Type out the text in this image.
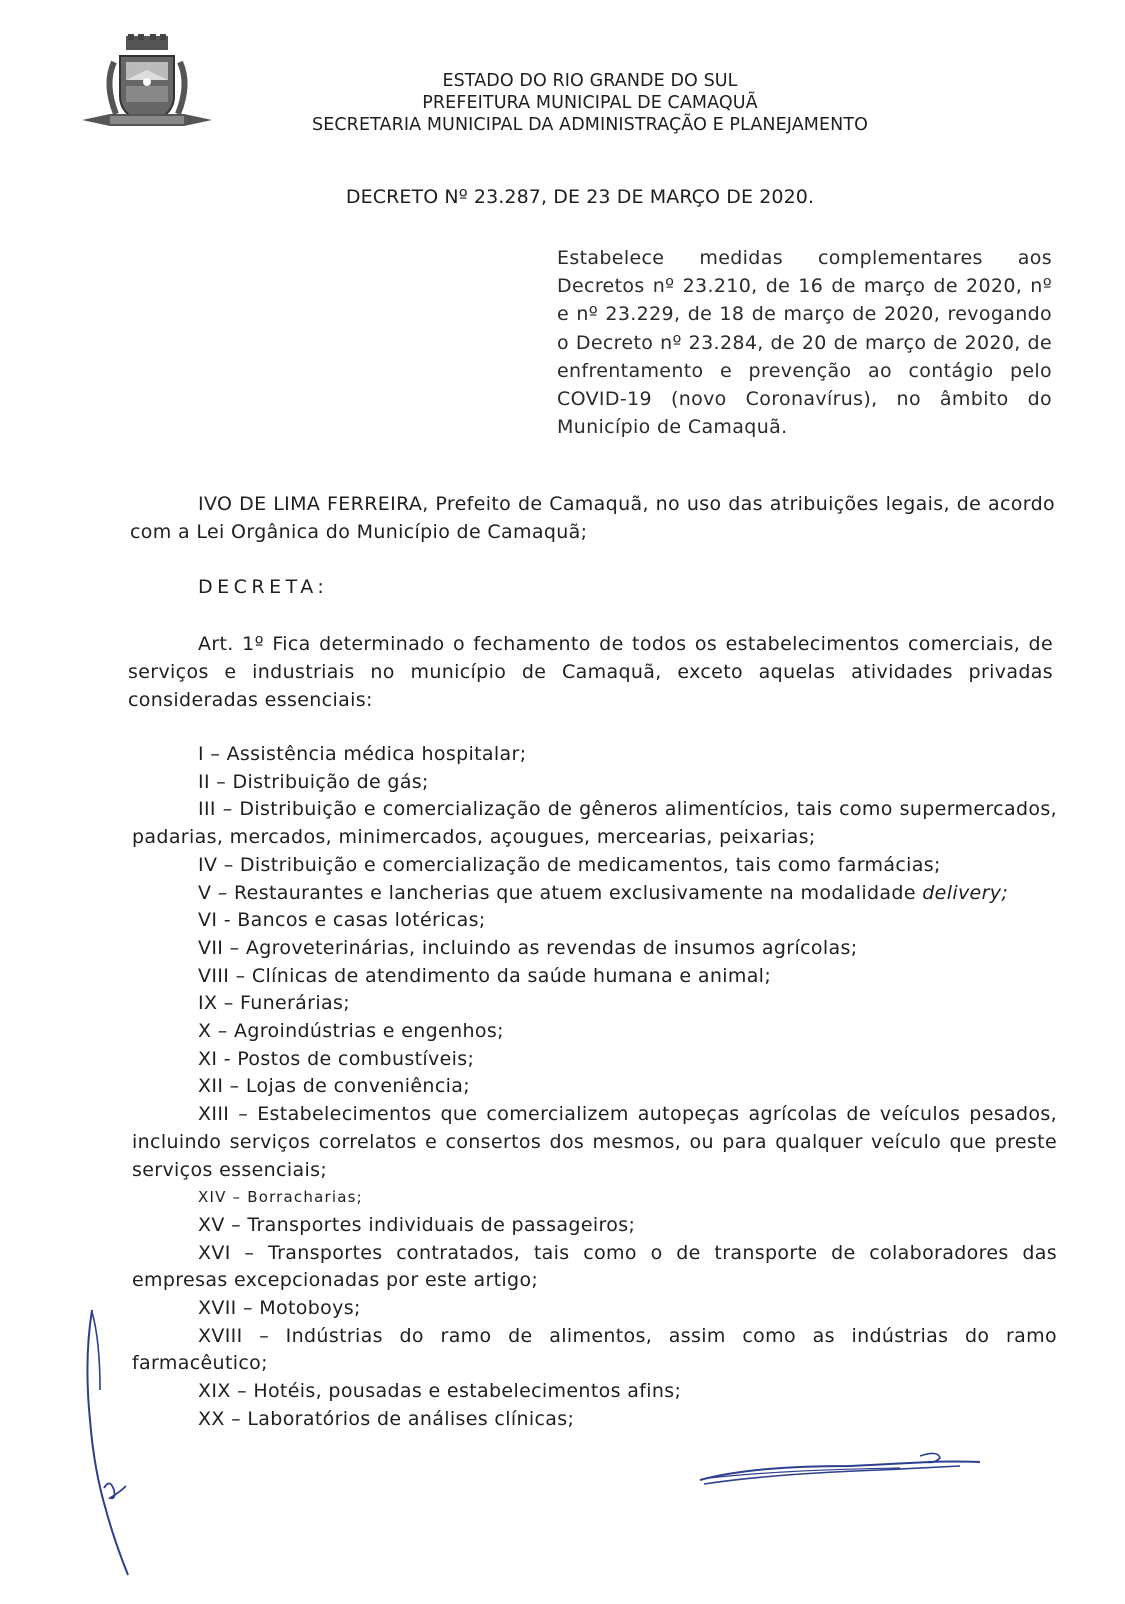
ESTADO DO RIO GRANDE DO SUL
PREFEITURA MUNICIPAL DE CAMAQUÃ
SECRETARIA MUNICIPAL DA ADMINISTRAÇÃO E PLANEJAMENTO
DECRETO Nº 23.287, DE 23 DE MARÇO DE 2020.
Estabelece medidas complementares aos Decretos nº 23.210, de 16 de março de 2020, nº e nº 23.229, de 18 de março de 2020, revogando o Decreto nº 23.284, de 20 de março de 2020, de enfrentamento e prevenção ao contágio pelo COVID-19 (novo Coronavírus), no âmbito do Município de Camaquã.
IVO DE LIMA FERREIRA, Prefeito de Camaquã, no uso das atribuições legais, de acordo com a Lei Orgânica do Município de Camaquã;
DECRETA:
Art. 1º Fica determinado o fechamento de todos os estabelecimentos comerciais, de serviços e industriais no município de Camaquã, exceto aquelas atividades privadas consideradas essenciais:
I – Assistência médica hospitalar;
II – Distribuição de gás;
III – Distribuição e comercialização de gêneros alimentícios, tais como supermercados, padarias, mercados, minimercados, açougues, mercearias, peixarias;
IV – Distribuição e comercialização de medicamentos, tais como farmácias;
V – Restaurantes e lancherias que atuem exclusivamente na modalidade delivery;
VI - Bancos e casas lotéricas;
VII – Agroveterinárias, incluindo as revendas de insumos agrícolas;
VIII – Clínicas de atendimento da saúde humana e animal;
IX – Funerárias;
X – Agroindústrias e engenhos;
XI - Postos de combustíveis;
XII – Lojas de conveniência;
XIII – Estabelecimentos que comercializem autopeças agrícolas de veículos pesados, incluindo serviços correlatos e consertos dos mesmos, ou para qualquer veículo que preste serviços essenciais;
XIV – Borracharias;
XV – Transportes individuais de passageiros;
XVI – Transportes contratados, tais como o de transporte de colaboradores das empresas excepcionadas por este artigo;
XVII – Motoboys;
XVIII – Indústrias do ramo de alimentos, assim como as indústrias do ramo farmacêutico;
XIX – Hotéis, pousadas e estabelecimentos afins;
XX – Laboratórios de análises clínicas;
